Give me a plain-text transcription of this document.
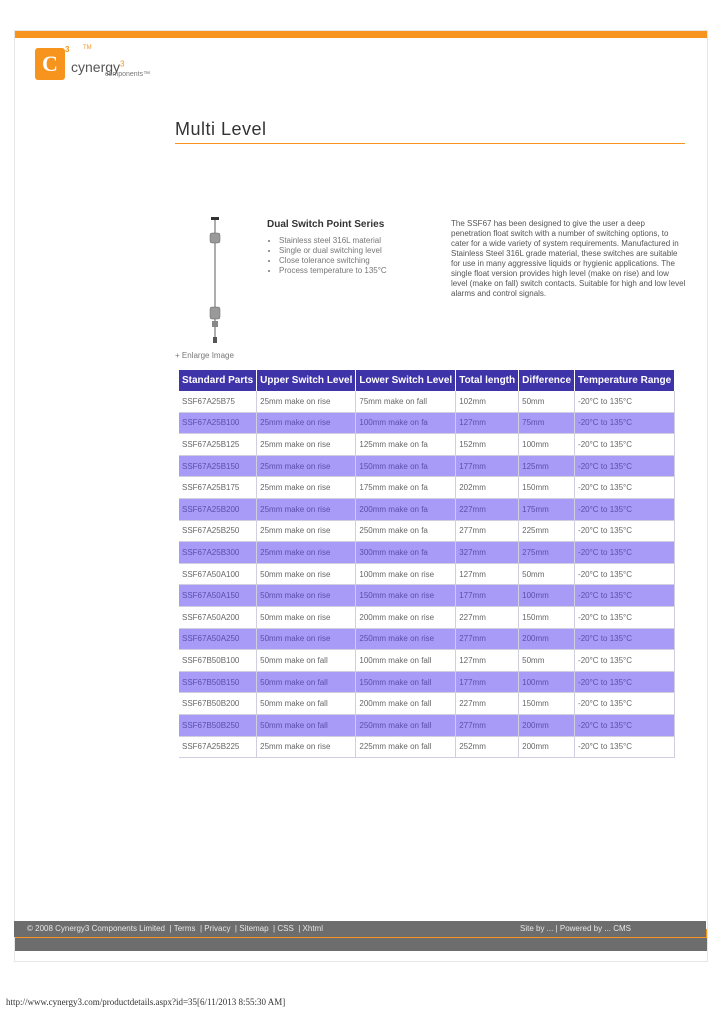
C
3 TM
cynergy$^3$
components™
Multi Level
Dual Switch Point Series
• Stainless steel 316L material
• Single or dual switching level
• Close tolerance switching
• Process temperature to 135°C
The SSF67 has been designed to give the user a deep penetration float switch with a number of switching options, to cater for a wide variety of system requirements. Manufactured in Stainless Steel 316L grade material, these switches are suitable for use in many aggressive liquids or hygienic applications. The single float version provides high level (make on rise) and low level (make on fall) switch contacts. Suitable for high and low level alarms and control signals.
+ Enlarge Image
Standard Parts	Upper Switch Level	Lower Switch Level	Total length	Difference	Temperature Range
SSF67A25B75	25mm make on rise	75mm make on fall	102mm	50mm	-20°C to 135°C
SSF67A25B100	25mm make on rise	100mm make on fa	127mm	75mm	-20°C to 135°C
SSF67A25B125	25mm make on rise	125mm make on fa	152mm	100mm	-20°C to 135°C
SSF67A25B150	25mm make on rise	150mm make on fa	177mm	125mm	-20°C to 135°C
SSF67A25B175	25mm make on rise	175mm make on fa	202mm	150mm	-20°C to 135°C
SSF67A25B200	25mm make on rise	200mm make on fa	227mm	175mm	-20°C to 135°C
SSF67A25B250	25mm make on rise	250mm make on fa	277mm	225mm	-20°C to 135°C
SSF67A25B300	25mm make on rise	300mm make on fa	327mm	275mm	-20°C to 135°C
SSF67A50A100	50mm make on rise	100mm make on rise	127mm	50mm	-20°C to 135°C
SSF67A50A150	50mm make on rise	150mm make on rise	177mm	100mm	-20°C to 135°C
SSF67A50A200	50mm make on rise	200mm make on rise	227mm	150mm	-20°C to 135°C
SSF67A50A250	50mm make on rise	250mm make on rise	277mm	200mm	-20°C to 135°C
SSF67B50B100	50mm make on fall	100mm make on fall	127mm	50mm	-20°C to 135°C
SSF67B50B150	50mm make on fall	150mm make on fall	177mm	100mm	-20°C to 135°C
SSF67B50B200	50mm make on fall	200mm make on fall	227mm	150mm	-20°C to 135°C
SSF67B50B250	50mm make on fall	250mm make on fall	277mm	200mm	-20°C to 135°C
SSF67A25B225	25mm make on rise	225mm make on fall	252mm	200mm	-20°C to 135°C
© 2008 Cynergy3 Components Limited  | Terms  | Privacy  | Sitemap  | CSS  | Xhtml	Site by ... | Powered by ... CMS
http://www.cynergy3.com/productdetails.aspx?id=35[6/11/2013 8:55:30 AM]
